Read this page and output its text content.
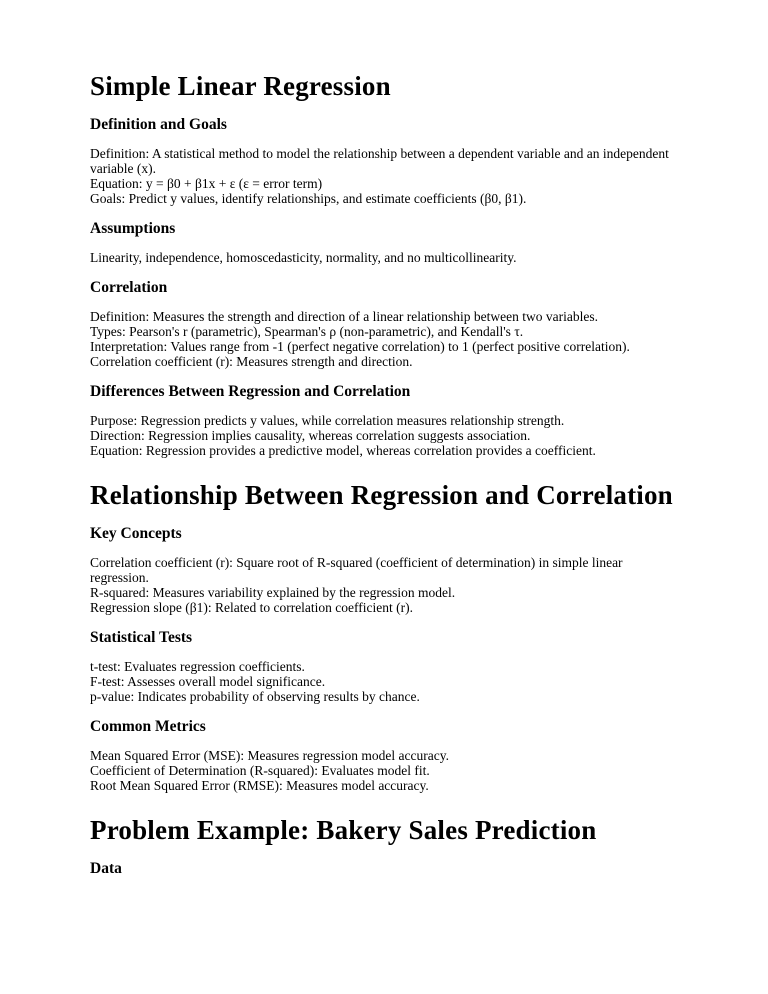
Simple Linear Regression
Definition and Goals

Definition: A statistical method to model the relationship between a dependent variable and an independent variable (x).
Equation: y = β0 + β1x + ε (ε = error term)
Goals: Predict y values, identify relationships, and estimate coefficients (β0, β1).

Assumptions

Linearity, independence, homoscedasticity, normality, and no multicollinearity.

Correlation

Definition: Measures the strength and direction of a linear relationship between two variables.
Types: Pearson's r (parametric), Spearman's ρ (non-parametric), and Kendall's τ.
Interpretation: Values range from -1 (perfect negative correlation) to 1 (perfect positive correlation).
Correlation coefficient (r): Measures strength and direction.

Differences Between Regression and Correlation

Purpose: Regression predicts y values, while correlation measures relationship strength.
Direction: Regression implies causality, whereas correlation suggests association.
Equation: Regression provides a predictive model, whereas correlation provides a coefficient.

Relationship Between Regression and Correlation
Key Concepts

Correlation coefficient (r): Square root of R-squared (coefficient of determination) in simple linear regression.
R-squared: Measures variability explained by the regression model.
Regression slope (β1): Related to correlation coefficient (r).

Statistical Tests

t-test: Evaluates regression coefficients.
F-test: Assesses overall model significance.
p-value: Indicates probability of observing results by chance.

Common Metrics

Mean Squared Error (MSE): Measures regression model accuracy.
Coefficient of Determination (R-squared): Evaluates model fit.
Root Mean Squared Error (RMSE): Measures model accuracy.

Problem Example: Bakery Sales Prediction
Data
